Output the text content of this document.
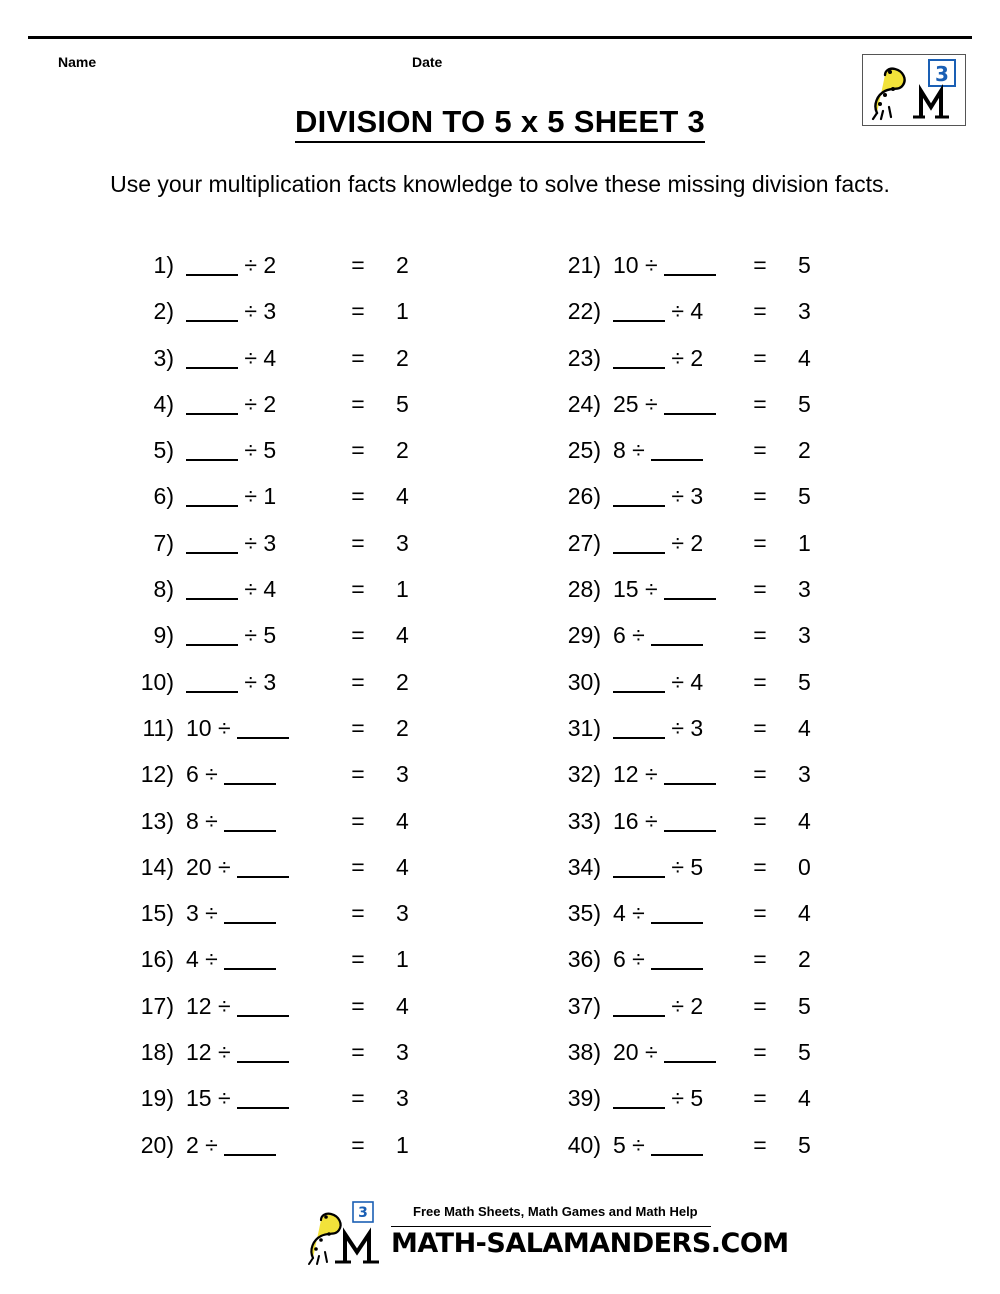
Name	Date	3
DIVISION TO 5 x 5 SHEET 3
Use your multiplication facts knowledge to solve these missing division facts.
1)	÷ 2	= 2
2)	÷ 3	= 1
3)	÷ 4	= 2
4)	÷ 2	= 5
5)	÷ 5	= 2
6)	÷ 1	= 4
7)	÷ 3	= 3
8)	÷ 4	= 1
9)	÷ 5	= 4
10)	÷ 3	= 2
11) 10 ÷	= 2
12) 6 ÷	= 3
13) 8 ÷	= 4
14) 20 ÷	= 4
15) 3 ÷	= 3
16) 4 ÷	= 1
17) 12 ÷	= 4
18) 12 ÷	= 3
19) 15 ÷	= 3
20) 2 ÷	= 1
21) 10 ÷	= 5
22)	÷ 4 = 3
23)	÷ 2 = 4
24) 25 ÷	= 5
25) 8 ÷	= 2
26)	÷ 3 = 5
27)	÷ 2 = 1
28) 15 ÷	= 3
29) 6 ÷	= 3
30)	÷ 4 = 5
31)	÷ 3 = 4
32) 12 ÷	= 3
33) 16 ÷	= 4
34)	÷ 5 = 0
35) 4 ÷	= 4
36) 6 ÷	= 2
37)	÷ 2 = 5
38) 20 ÷	= 5
39)	÷ 5 = 4
40) 5 ÷	= 5
3	Free Math Sheets, Math Games and Math Help
MATH-SALAMANDERS.COM
